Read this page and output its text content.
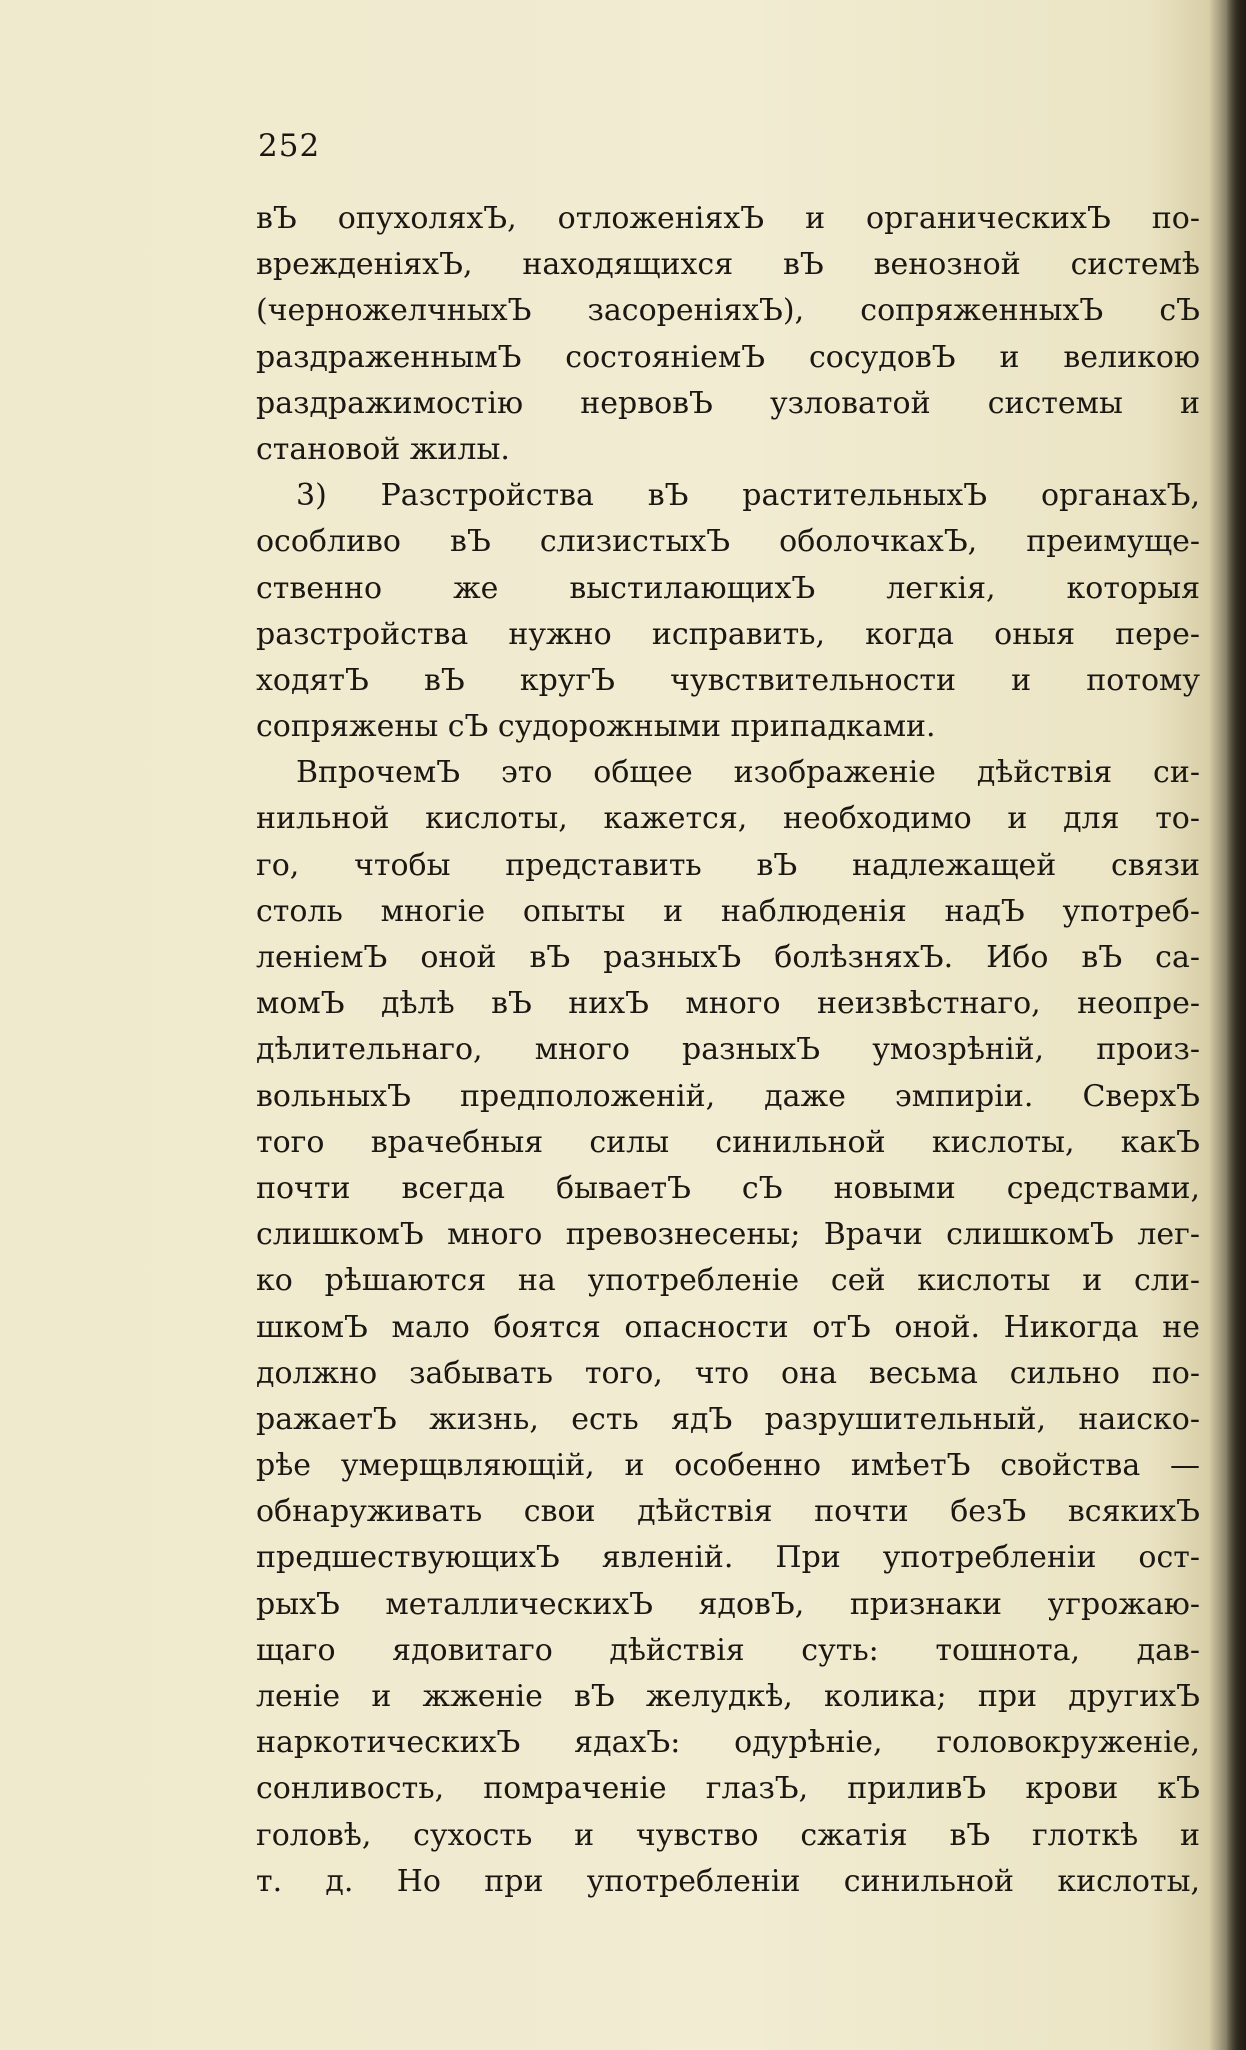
252
вЪ опухоляхЪ, отложенiяхЪ и органическихЪ по-
врежденiяхЪ, находящихся вЪ венозной системѣ
(черножелчныхЪ засоренiяхЪ), сопряженныхЪ сЪ
раздраженнымЪ состоянiемЪ сосудовЪ и великою
раздражимостiю нервовЪ узловатой системы и
становой жилы.
3) Разстройства вЪ растительныхЪ органахЪ,
особливо вЪ слизистыхЪ оболочкахЪ, преимуще-
ственно же выстилающихЪ легкiя, которыя
разстройства нужно исправить, когда оныя пере-
ходятЪ вЪ кругЪ чувствительности и потому
сопряжены сЪ судорожными припадками.
ВпрочемЪ это общее изображенiе дѣйствiя си-
нильной кислоты, кажется, необходимо и для то-
го, чтобы представить вЪ надлежащей связи
столь многiе опыты и наблюденiя надЪ употреб-
ленiемЪ оной вЪ разныхЪ болѣзняхЪ. Ибо вЪ са-
момЪ дѣлѣ вЪ нихЪ много неизвѣстнаго, неопре-
дѣлительнаго, много разныхЪ умозрѣнiй, произ-
вольныхЪ предположенiй, даже эмпирiи. СверхЪ
того врачебныя силы синильной кислоты, какЪ
почти всегда бываетЪ сЪ новыми средствами,
слишкомЪ много превознесены; Врачи слишкомЪ лег-
ко рѣшаются на употребленiе сей кислоты и сли-
шкомЪ мало боятся опасности отЪ оной. Никогда не
должно забывать того, что она весьма сильно по-
ражаетЪ жизнь, есть ядЪ разрушительный, наиско-
рѣе умерщвляющiй, и особенно имѣетЪ свойства —
обнаруживать свои дѣйствiя почти безЪ всякихЪ
предшествующихЪ явленiй. При употребленiи ост-
рыхЪ металлическихЪ ядовЪ, признаки угрожаю-
щаго ядовитаго дѣйствiя суть: тошнота, дав-
ленiе и жженiе вЪ желудкѣ, колика; при другихЪ
наркотическихЪ ядахЪ: одурѣнiе, головокруженiе,
сонливость, помраченiе глазЪ, приливЪ крови кЪ
головѣ, сухость и чувство сжатiя вЪ глоткѣ и
т. д. Но при употребленiи синильной кислоты,
